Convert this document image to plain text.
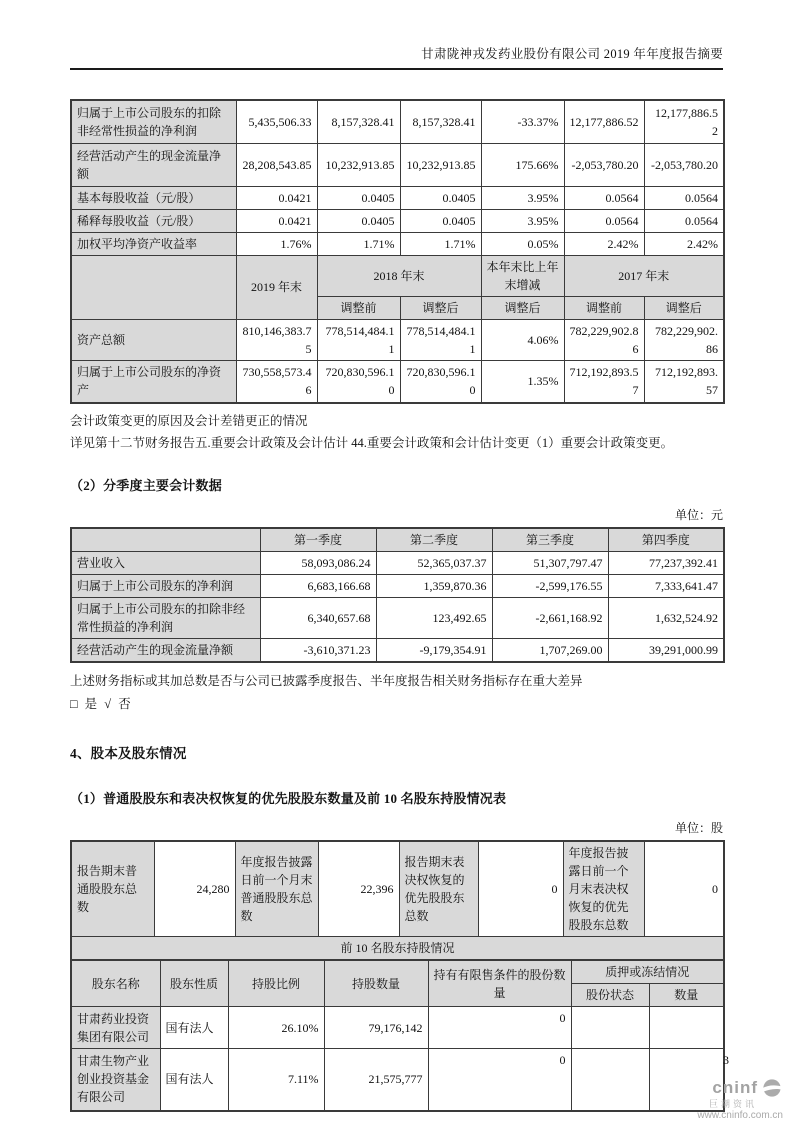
甘肃陇神戎发药业股份有限公司 2019 年年度报告摘要
归属于上市公司股东的扣除非经常性损益的净利润	5,435,506.33	8,157,328.41	8,157,328.41	-33.37%	12,177,886.52	12,177,886.52
经营活动产生的现金流量净额	28,208,543.85	10,232,913.85	10,232,913.85	175.66%	-2,053,780.20	-2,053,780.20
基本每股收益（元/股）	0.0421	0.0405	0.0405	3.95%	0.0564	0.0564
稀释每股收益（元/股）	0.0421	0.0405	0.0405	3.95%	0.0564	0.0564
加权平均净资产收益率	1.76%	1.71%	1.71%	0.05%	2.42%	2.42%
	2019 年末	2018 年末		本年末比上年末增减	2017 年末	
		调整前	调整后	调整后	调整前	调整后
资产总额	810,146,383.75	778,514,484.11	778,514,484.11	4.06%	782,229,902.86	782,229,902.86
归属于上市公司股东的净资产	730,558,573.46	720,830,596.10	720,830,596.10	1.35%	712,192,893.57	712,192,893.57
会计政策变更的原因及会计差错更正的情况
详见第十二节财务报告五.重要会计政策及会计估计 44.重要会计政策和会计估计变更（1）重要会计政策变更。
（2）分季度主要会计数据
单位：元
	第一季度	第二季度	第三季度	第四季度
营业收入	58,093,086.24	52,365,037.37	51,307,797.47	77,237,392.41
归属于上市公司股东的净利润	6,683,166.68	1,359,870.36	-2,599,176.55	7,333,641.47
归属于上市公司股东的扣除非经常性损益的净利润	6,340,657.68	123,492.65	-2,661,168.92	1,632,524.92
经营活动产生的现金流量净额	-3,610,371.23	-9,179,354.91	1,707,269.00	39,291,000.99
上述财务指标或其加总数是否与公司已披露季度报告、半年度报告相关财务指标存在重大差异
□ 是 √ 否
4、股本及股东情况
（1）普通股股东和表决权恢复的优先股股东数量及前 10 名股东持股情况表
单位：股
报告期末普通股股东总数	24,280	年度报告披露日前一个月末普通股股东总数	22,396	报告期末表决权恢复的优先股股东总数	0	年度报告披露日前一个月末表决权恢复的优先股股东总数	0
前 10 名股东持股情况
股东名称	股东性质	持股比例	持股数量	持有有限售条件的股份数量	质押或冻结情况	
					股份状态	数量
甘肃药业投资集团有限公司	国有法人	26.10%	79,176,142	0		
甘肃生物产业创业投资基金有限公司	国有法人	7.11%	21,575,777	0			3
cninf
巨潮资讯
www.cninfo.com.cn
